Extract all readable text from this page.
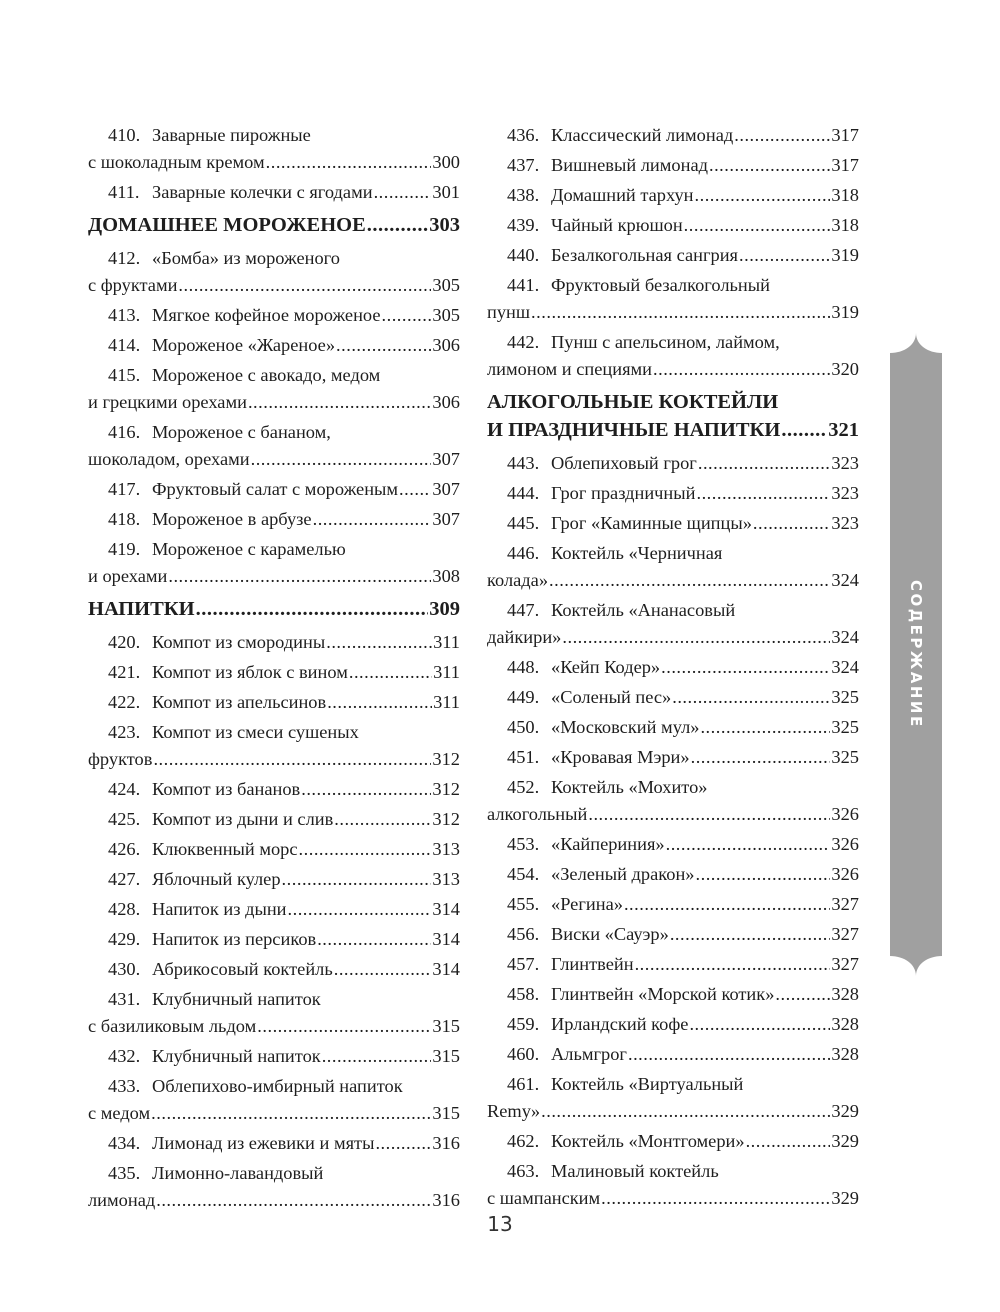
410. Заварные пирожные
с шоколадным кремом .....	300
411. Заварные колечки с ягодами .....	301
ДОМАШНЕЕ МОРОЖЕНОЕ .....	303
412. «Бомба» из мороженого
с фруктами .....	305
413. Мягкое кофейное мороженое .....	305
414. Мороженое «Жареное» .....	306
415. Мороженое с авокадо, медом
и грецкими орехами .....	306
416. Мороженое с бананом,
шоколадом, орехами .....	307
417. Фруктовый салат с мороженым ..... 307
418. Мороженое в арбузе .....	307
419. Мороженое с карамелью
и орехами .....	308
НАПИТКИ .....	309
420. Компот из смородины .....	311
421. Компот из яблок с вином .....	311
422. Компот из апельсинов .....	311
423. Компот из смеси сушеных
фруктов .....	312
424. Компот из бананов .....	312
425. Компот из дыни и слив .....	312
426. Клюквенный морс .....	313
427. Яблочный кулер .....	313
428. Напиток из дыни .....	314
429. Напиток из персиков .....	314
430. Абрикосовый коктейль .....	314
431. Клубничный напиток
с базиликовым льдом .....	315
432. Клубничный напиток .....	315
433. Облепихово-имбирный напиток
с медом .....	315
434. Лимонад из ежевики и мяты .....	316
435. Лимонно-лавандовый
лимонад .....	316
436. Классический лимонад .....	317
437. Вишневый лимонад .....	317
438. Домашний тархун .....	318
439. Чайный крюшон .....	318
440. Безалкогольная сангрия .....	319
441. Фруктовый безалкогольный
пунш .....	319
442. Пунш с апельсином, лаймом,
лимоном и специями .....	320
АЛКОГОЛЬНЫЕ КОКТЕЙЛИ
И ПРАЗДНИЧНЫЕ НАПИТКИ ..... 321
443. Облепиховый грог .....	323
444. Грог праздничный .....	323
445. Грог «Каминные щипцы» .....	323
446. Коктейль «Черничная
колада» .....	324
447. Коктейль «Ананасовый
дайкири» .....	324
448. «Кейп Кодер» .....	324
449. «Соленый пес» .....	325
450. «Московский мул» .....	325
451. «Кровавая Мэри» .....	325
452. Коктейль «Мохито»
алкогольный .....	326
453. «Кайпериния» .....	326
454. «Зеленый дракон» .....	326
455. «Регина» .....	327
456. Виски «Сауэр» .....	327
457. Глинтвейн .....	327
458. Глинтвейн «Морской котик» .....	328
459. Ирландский кофе .....	328
460. Альмгрог .....	328
461. Коктейль «Виртуальный
Remy» .....	329
462. Коктейль «Монтгомери» .....	329
463. Малиновый коктейль
с шампанским .....	329
СОДЕРЖАНИЕ
13
